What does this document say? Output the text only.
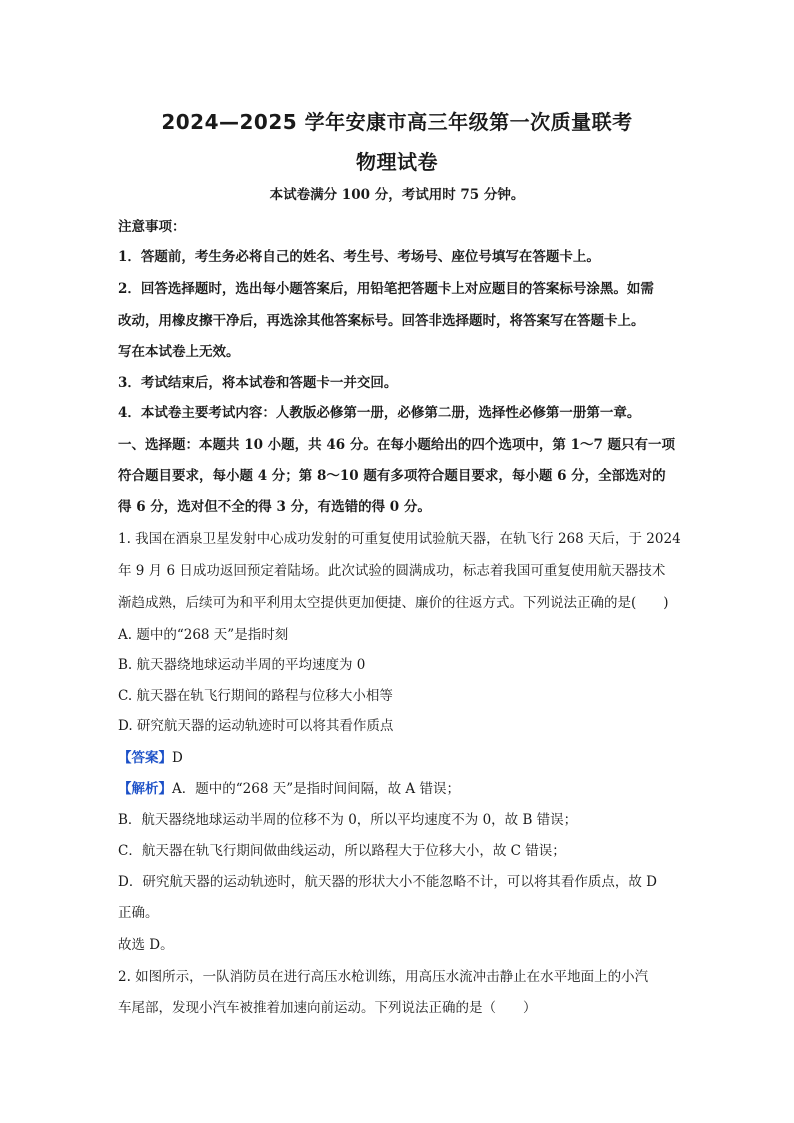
2024—2025 学年安康市高三年级第一次质量联考
物理试卷
本试卷满分 100 分，考试用时 75 分钟。
注意事项：
1．答题前，考生务必将自己的姓名、考生号、考场号、座位号填写在答题卡上。
2．回答选择题时，选出每小题答案后，用铅笔把答题卡上对应题目的答案标号涂黑。如需
改动，用橡皮擦干净后，再选涂其他答案标号。回答非选择题时，将答案写在答题卡上。
写在本试卷上无效。
3．考试结束后，将本试卷和答题卡一并交回。
4．本试卷主要考试内容：人教版必修第一册，必修第二册，选择性必修第一册第一章。
一、选择题：本题共 10 小题，共 46 分。在每小题给出的四个选项中，第 1～7 题只有一项
符合题目要求，每小题 4 分；第 8～10 题有多项符合题目要求，每小题 6 分，全部选对的
得 6 分，选对但不全的得 3 分，有选错的得 0 分。
1. 我国在酒泉卫星发射中心成功发射的可重复使用试验航天器，在轨飞行 268 天后，于 2024
年 9 月 6 日成功返回预定着陆场。此次试验的圆满成功，标志着我国可重复使用航天器技术
渐趋成熟，后续可为和平利用太空提供更加便捷、廉价的往返方式。下列说法正确的是(　　)
A. 题中的“268 天”是指时刻
B. 航天器绕地球运动半周的平均速度为 0
C. 航天器在轨飞行期间的路程与位移大小相等
D. 研究航天器的运动轨迹时可以将其看作质点
【答案】D
【解析】A．题中的“268 天”是指时间间隔，故 A 错误；
B．航天器绕地球运动半周的位移不为 0，所以平均速度不为 0，故 B 错误；
C．航天器在轨飞行期间做曲线运动，所以路程大于位移大小，故 C 错误；
D．研究航天器的运动轨迹时，航天器的形状大小不能忽略不计，可以将其看作质点，故 D
正确。
故选 D。
2. 如图所示，一队消防员在进行高压水枪训练，用高压水流冲击静止在水平地面上的小汽
车尾部，发现小汽车被推着加速向前运动。下列说法正确的是（　　）
